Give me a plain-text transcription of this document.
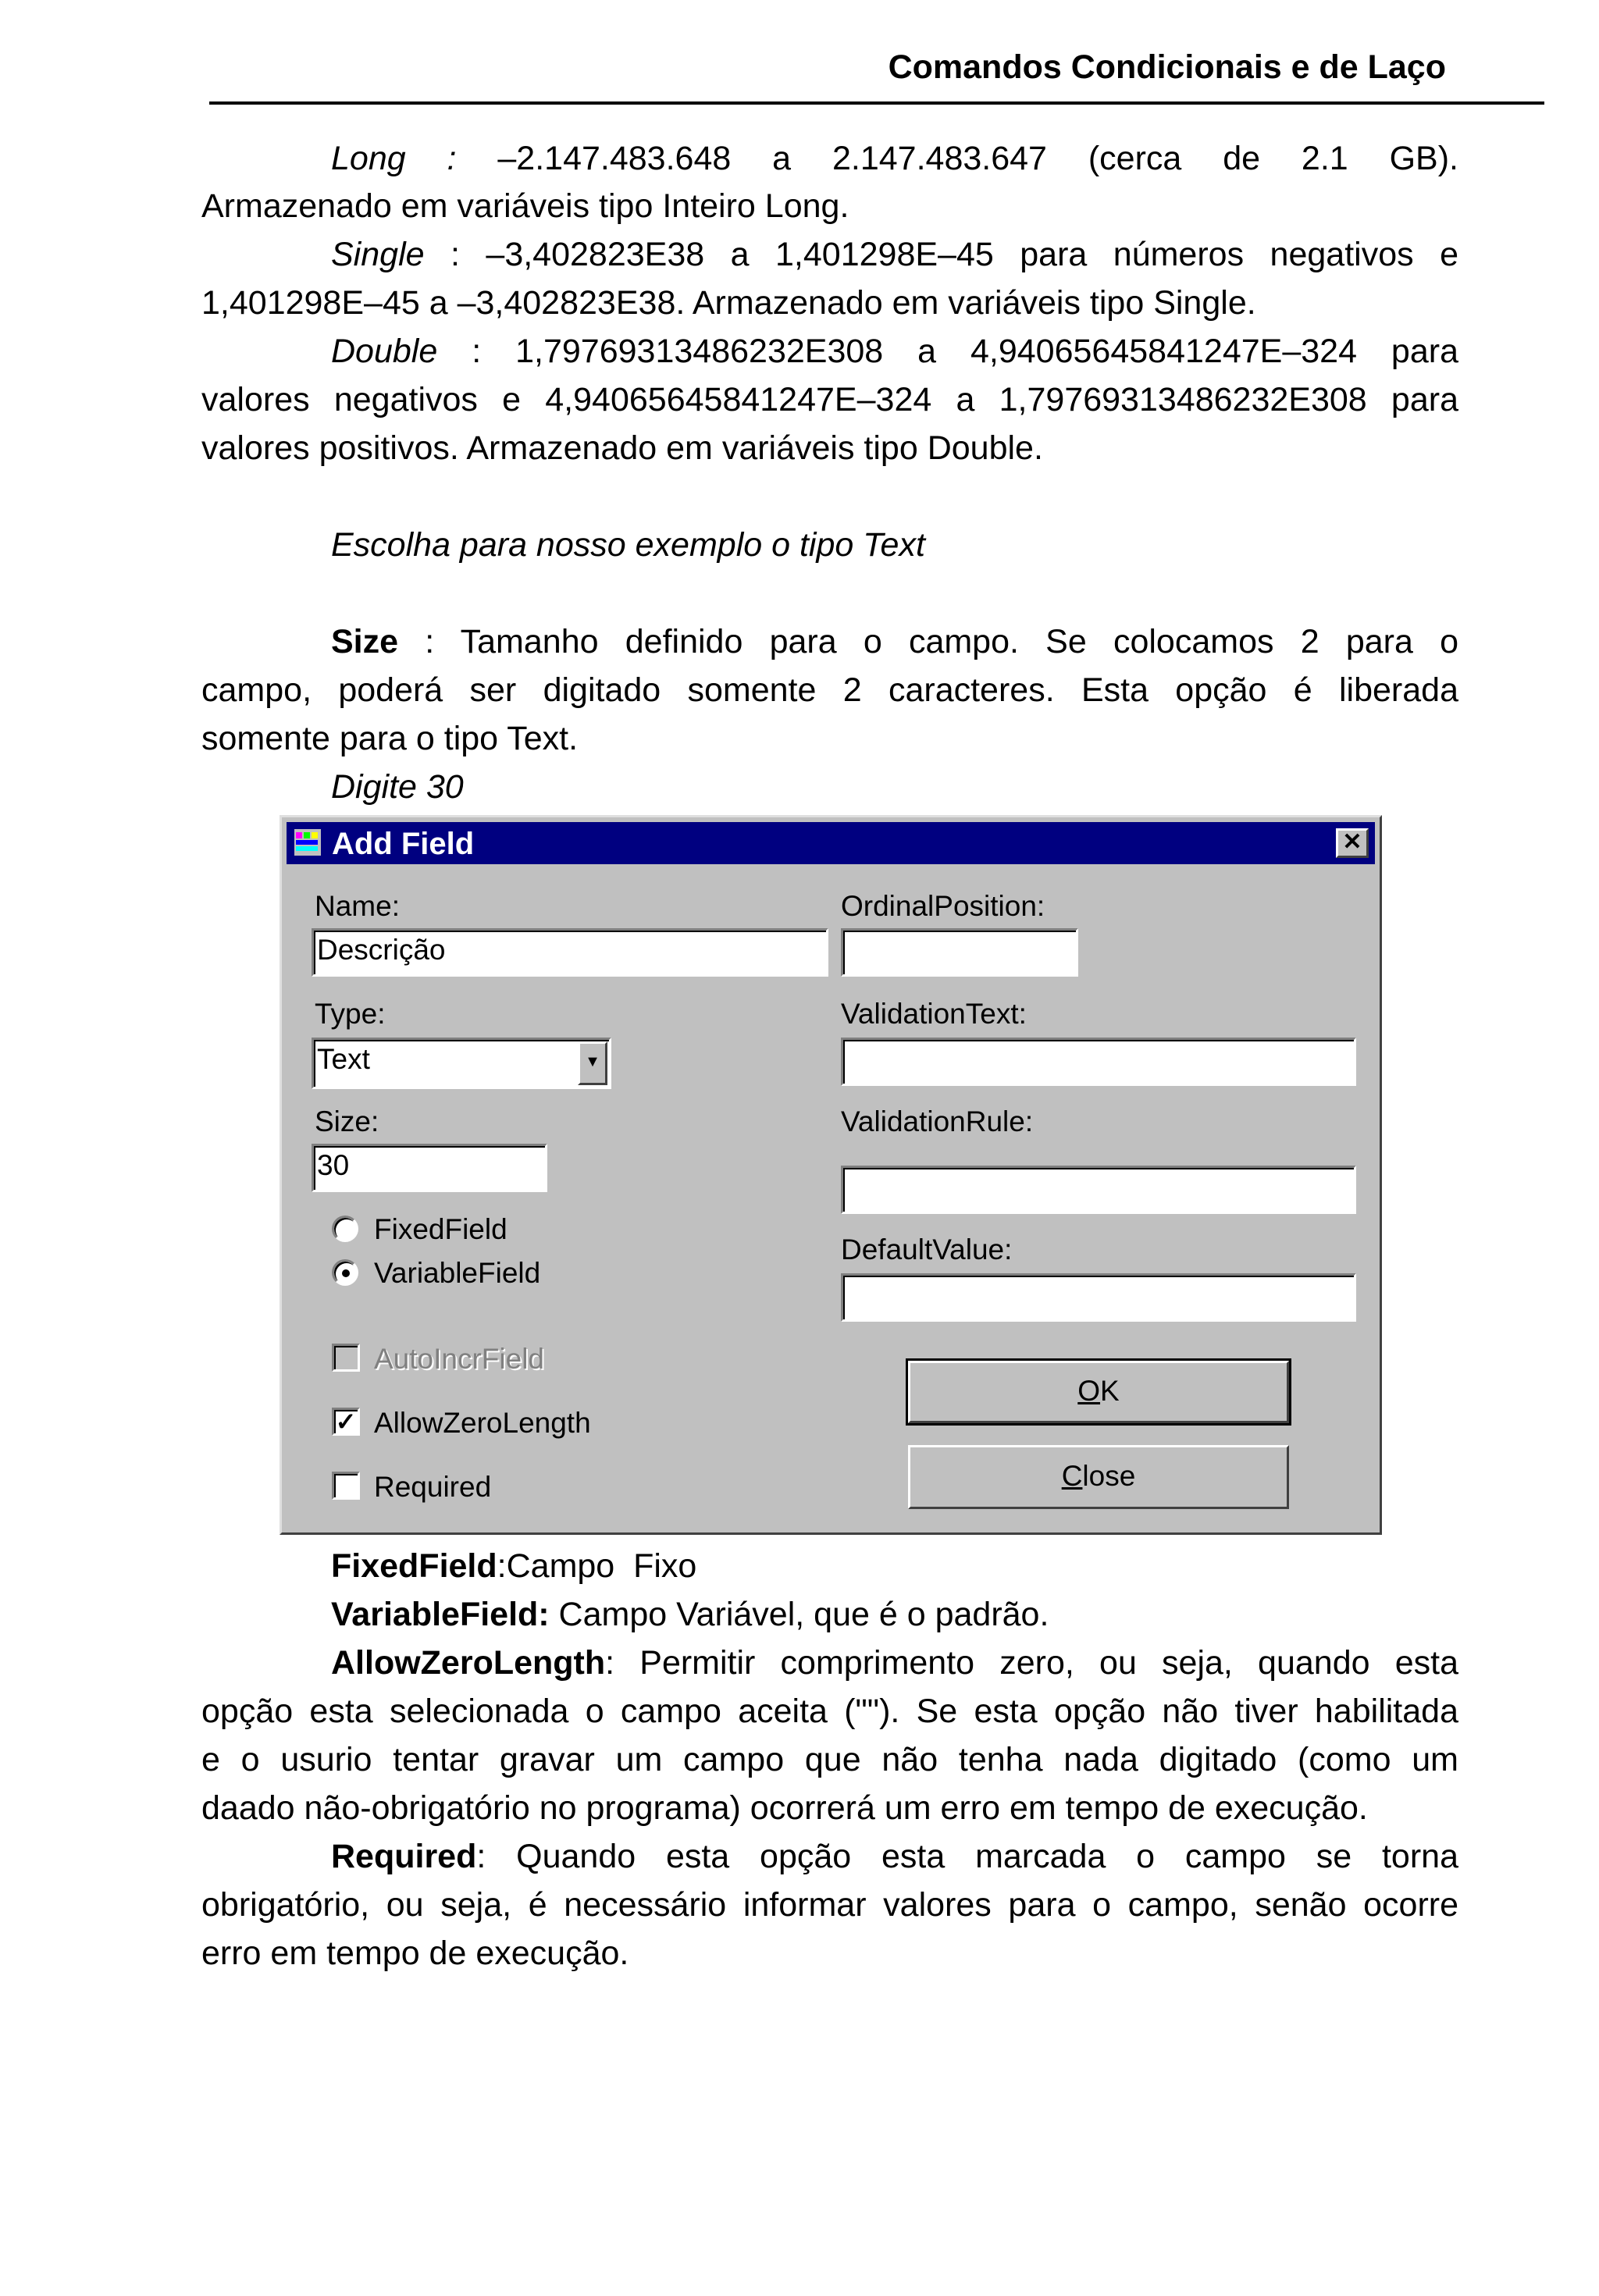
Comandos Condicionais e de Laço
Long : –2.147.483.648 a 2.147.483.647 (cerca de 2.1 GB).
Armazenado em variáveis tipo Inteiro Long.
Single : –3,402823E38 a 1,401298E–45 para números negativos e
1,401298E–45 a –3,402823E38. Armazenado em variáveis tipo Single.
Double : 1,79769313486232E308 a 4,94065645841247E–324 para
valores negativos e 4,94065645841247E–324 a 1,79769313486232E308 para
valores positivos. Armazenado em variáveis tipo Double.
Escolha para nosso exemplo o tipo Text
Size : Tamanho definido para o campo. Se colocamos 2 para o
campo, poderá ser digitado somente 2 caracteres. Esta opção é liberada
somente para o tipo Text.
Digite 30
Add Field	✕
Name:
Descrição
Type:
Text	▼
Size:
30
FixedField
VariableField
AutoIncrField
✓ AllowZeroLength
Required
OrdinalPosition:
ValidationText:
ValidationRule:
DefaultValue:
OK
Close
FixedField:Campo  Fixo
VariableField: Campo Variável, que é o padrão.
AllowZeroLength: Permitir comprimento zero, ou seja, quando esta
opção esta selecionada o campo aceita (""). Se esta opção não tiver habilitada
e o usurio tentar gravar um campo que não tenha nada digitado (como um
daado não-obrigatório no programa) ocorrerá um erro em tempo de execução.
Required: Quando esta opção esta marcada o campo se torna
obrigatório, ou seja, é necessário informar valores para o campo, senão ocorre
erro em tempo de execução.
